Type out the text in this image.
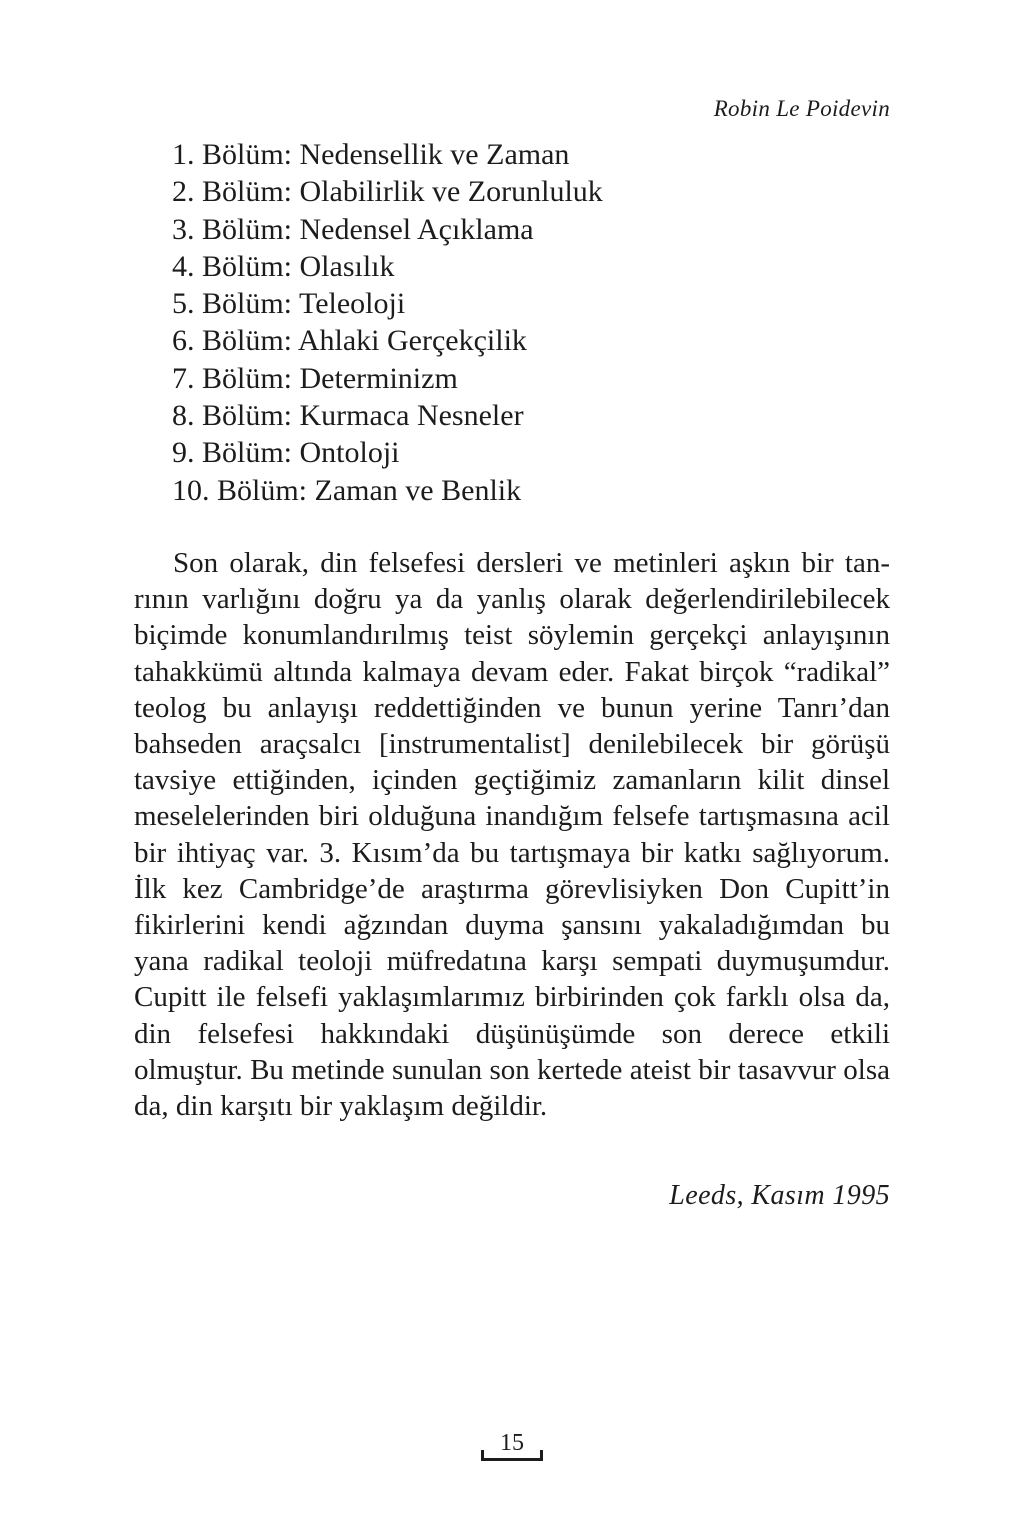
Robin Le Poidevin
1. Bölüm: Nedensellik ve Zaman
2. Bölüm: Olabilirlik ve Zorunluluk
3. Bölüm: Nedensel Açıklama
4. Bölüm: Olasılık
5. Bölüm: Teleoloji
6. Bölüm: Ahlaki Gerçekçilik
7. Bölüm: Determinizm
8. Bölüm: Kurmaca Nesneler
9. Bölüm: Ontoloji
10. Bölüm: Zaman ve Benlik

Son olarak, din felsefesi dersleri ve metinleri aşkın bir tanrının varlığını doğru ya da yanlış olarak değerlendirilebilecek biçimde konumlandırılmış teist söylemin gerçekçi anlayışının tahakkümü altında kalmaya devam eder. Fakat birçok “radikal” teolog bu anlayışı reddettiğinden ve bunun yerine Tanrı’dan bahseden araçsalcı [instrumentalist] denilebilecek bir görüşü tavsiye ettiğinden, içinden geçtiğimiz zamanların kilit dinsel meselelerinden biri olduğuna inandığım felsefe tartışmasına acil bir ihtiyaç var. 3. Kısım’da bu tartışmaya bir katkı sağlıyorum. İlk kez Cambridge’de araştırma görevlisiyken Don Cupitt’in fikirlerini kendi ağzından duyma şansını yakaladığımdan bu yana radikal teoloji müfredatına karşı sempati duymuşumdur. Cupitt ile felsefi yaklaşımlarımız birbirinden çok farklı olsa da, din felsefesi hakkındaki düşünüşümde son derece etkili olmuştur. Bu metinde sunulan son kertede ateist bir tasavvur olsa da, din karşıtı bir yaklaşım değildir.

Leeds, Kasım 1995
15
